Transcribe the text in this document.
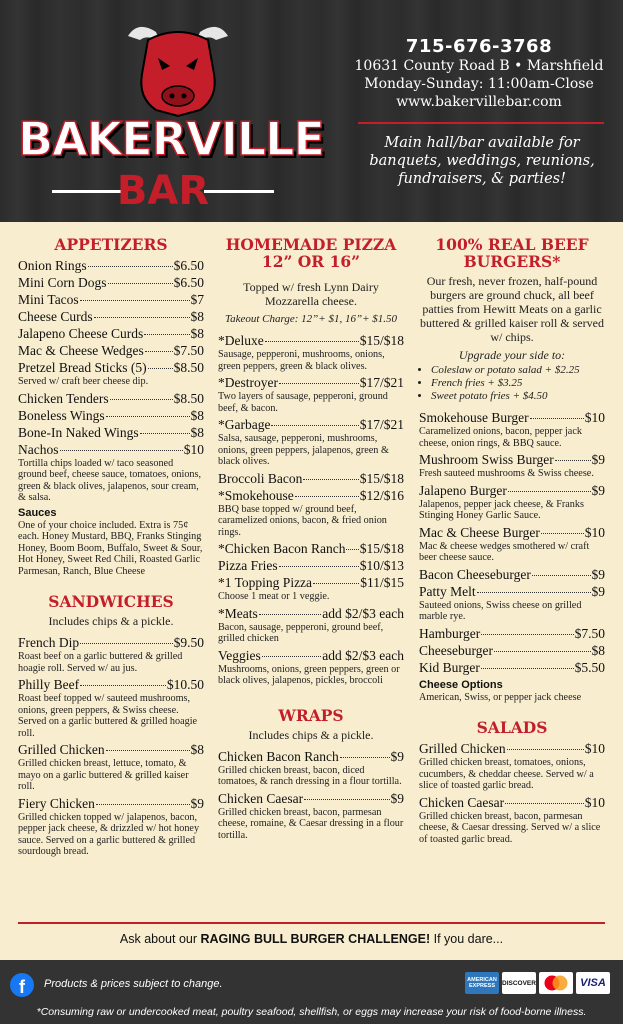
BAKERVILLE
BAR
715-676-3768
10631 County Road B • Marshfield
Monday-Sunday: 11:00am-Close
www.bakervillebar.com
Main hall/bar available for banquets, weddings, reunions, fundraisers, & parties!
APPETIZERS
Onion Rings	$6.50
Mini Corn Dogs	$6.50
Mini Tacos	$7
Cheese Curds	$8
Jalapeno Cheese Curds	$8
Mac & Cheese Wedges $7.50
Pretzel Bread Sticks (5) $8.50
Served w/ craft beer cheese dip.
Chicken Tenders	$8.50
Boneless Wings	$8
Bone-In Naked Wings	$8
Nachos	$10
Tortilla chips loaded w/ taco seasoned ground beef, cheese sauce, tomatoes, onions, green & black olives, jalapenos, sour cream, & salsa.
Sauces
One of your choice included. Extra is 75¢ each. Honey Mustard, BBQ, Franks Stinging Honey, Boom Boom, Buffalo, Sweet & Sour, Hot Honey, Sweet Red Chili, Roasted Garlic Parmesan, Ranch, Blue Cheese
SANDWICHES
Includes chips & a pickle.
French Dip	$9.50
Roast beef on a garlic buttered & grilled hoagie roll. Served w/ au jus.
Philly Beef	$10.50
Roast beef topped w/ sauteed mushrooms, onions, green peppers, & Swiss cheese. Served on a garlic buttered & grilled hoagie roll.
Grilled Chicken	$8
Grilled chicken breast, lettuce, tomato, & mayo on a garlic buttered & grilled kaiser roll.
Fiery Chicken	$9
Grilled chicken topped w/ jalapenos, bacon, pepper jack cheese, & drizzled w/ hot honey sauce. Served on a garlic buttered & grilled sourdough bread.
HOMEMADE PIZZA 12” OR 16”
Topped w/ fresh Lynn Dairy Mozzarella cheese.
Takeout Charge: 12”+ $1, 16”+ $1.50
*Deluxe	$15/$18
Sausage, pepperoni, mushrooms, onions, green peppers, green & black olives.
*Destroyer	$17/$21
Two layers of sausage, pepperoni, ground beef, & bacon.
*Garbage	$17/$21
Salsa, sausage, pepperoni, mushrooms, onions, green peppers, jalapenos, green & black olives.
Broccoli Bacon	$15/$18
*Smokehouse	$12/$16
BBQ base topped w/ ground beef, caramelized onions, bacon, & fried onion rings.
*Chicken Bacon Ranch $15/$18
Pizza Fries	$10/$13
*1 Topping Pizza	$11/$15
Choose 1 meat or 1 veggie.
*Meats	add $2/$3 each
Bacon, sausage, pepperoni, ground beef, grilled chicken
Veggies	add $2/$3 each
Mushrooms, onions, green peppers, green or black olives, jalapenos, pickles, broccoli
WRAPS
Includes chips & a pickle.
Chicken Bacon Ranch	$9
Grilled chicken breast, bacon, diced tomatoes, & ranch dressing in a flour tortilla.
Chicken Caesar	$9
Grilled chicken breast, bacon, parmesan cheese, romaine, & Caesar dressing in a flour tortilla.
100% REAL BEEF BURGERS*
Our fresh, never frozen, half-pound burgers are ground chuck, all beef patties from Hewitt Meats on a garlic buttered & grilled kaiser roll & served w/ chips.
Upgrade your side to:
• Coleslaw or potato salad + $2.25
• French fries + $3.25
• Sweet potato fries + $4.50
Smokehouse Burger	$10
Caramelized onions, bacon, pepper jack cheese, onion rings, & BBQ sauce.
Mushroom Swiss Burger	$9
Fresh sauteed mushrooms & Swiss cheese.
Jalapeno Burger	$9
Jalapenos, pepper jack cheese, & Franks Stinging Honey Garlic Sauce.
Mac & Cheese Burger	$10
Mac & cheese wedges smothered w/ craft beer cheese sauce.
Bacon Cheeseburger	$9
Patty Melt	$9
Sauteed onions, Swiss cheese on grilled marble rye.
Hamburger	$7.50
Cheeseburger	$8
Kid Burger	$5.50
Cheese Options
American, Swiss, or pepper jack cheese
SALADS
Grilled Chicken	$10
Grilled chicken breast, tomatoes, onions, cucumbers, & cheddar cheese. Served w/ a slice of toasted garlic bread.
Chicken Caesar	$10
Grilled chicken breast, bacon, parmesan cheese, & Caesar dressing. Served w/ a slice of toasted garlic bread.
Ask about our RAGING BULL BURGER CHALLENGE! If you dare...
f	Products & prices subject to change.	AMERICAN EXPRESS	DISCOVER	VISA
*Consuming raw or undercooked meat, poultry seafood, shellfish, or eggs may increase your risk of food-borne illness.
